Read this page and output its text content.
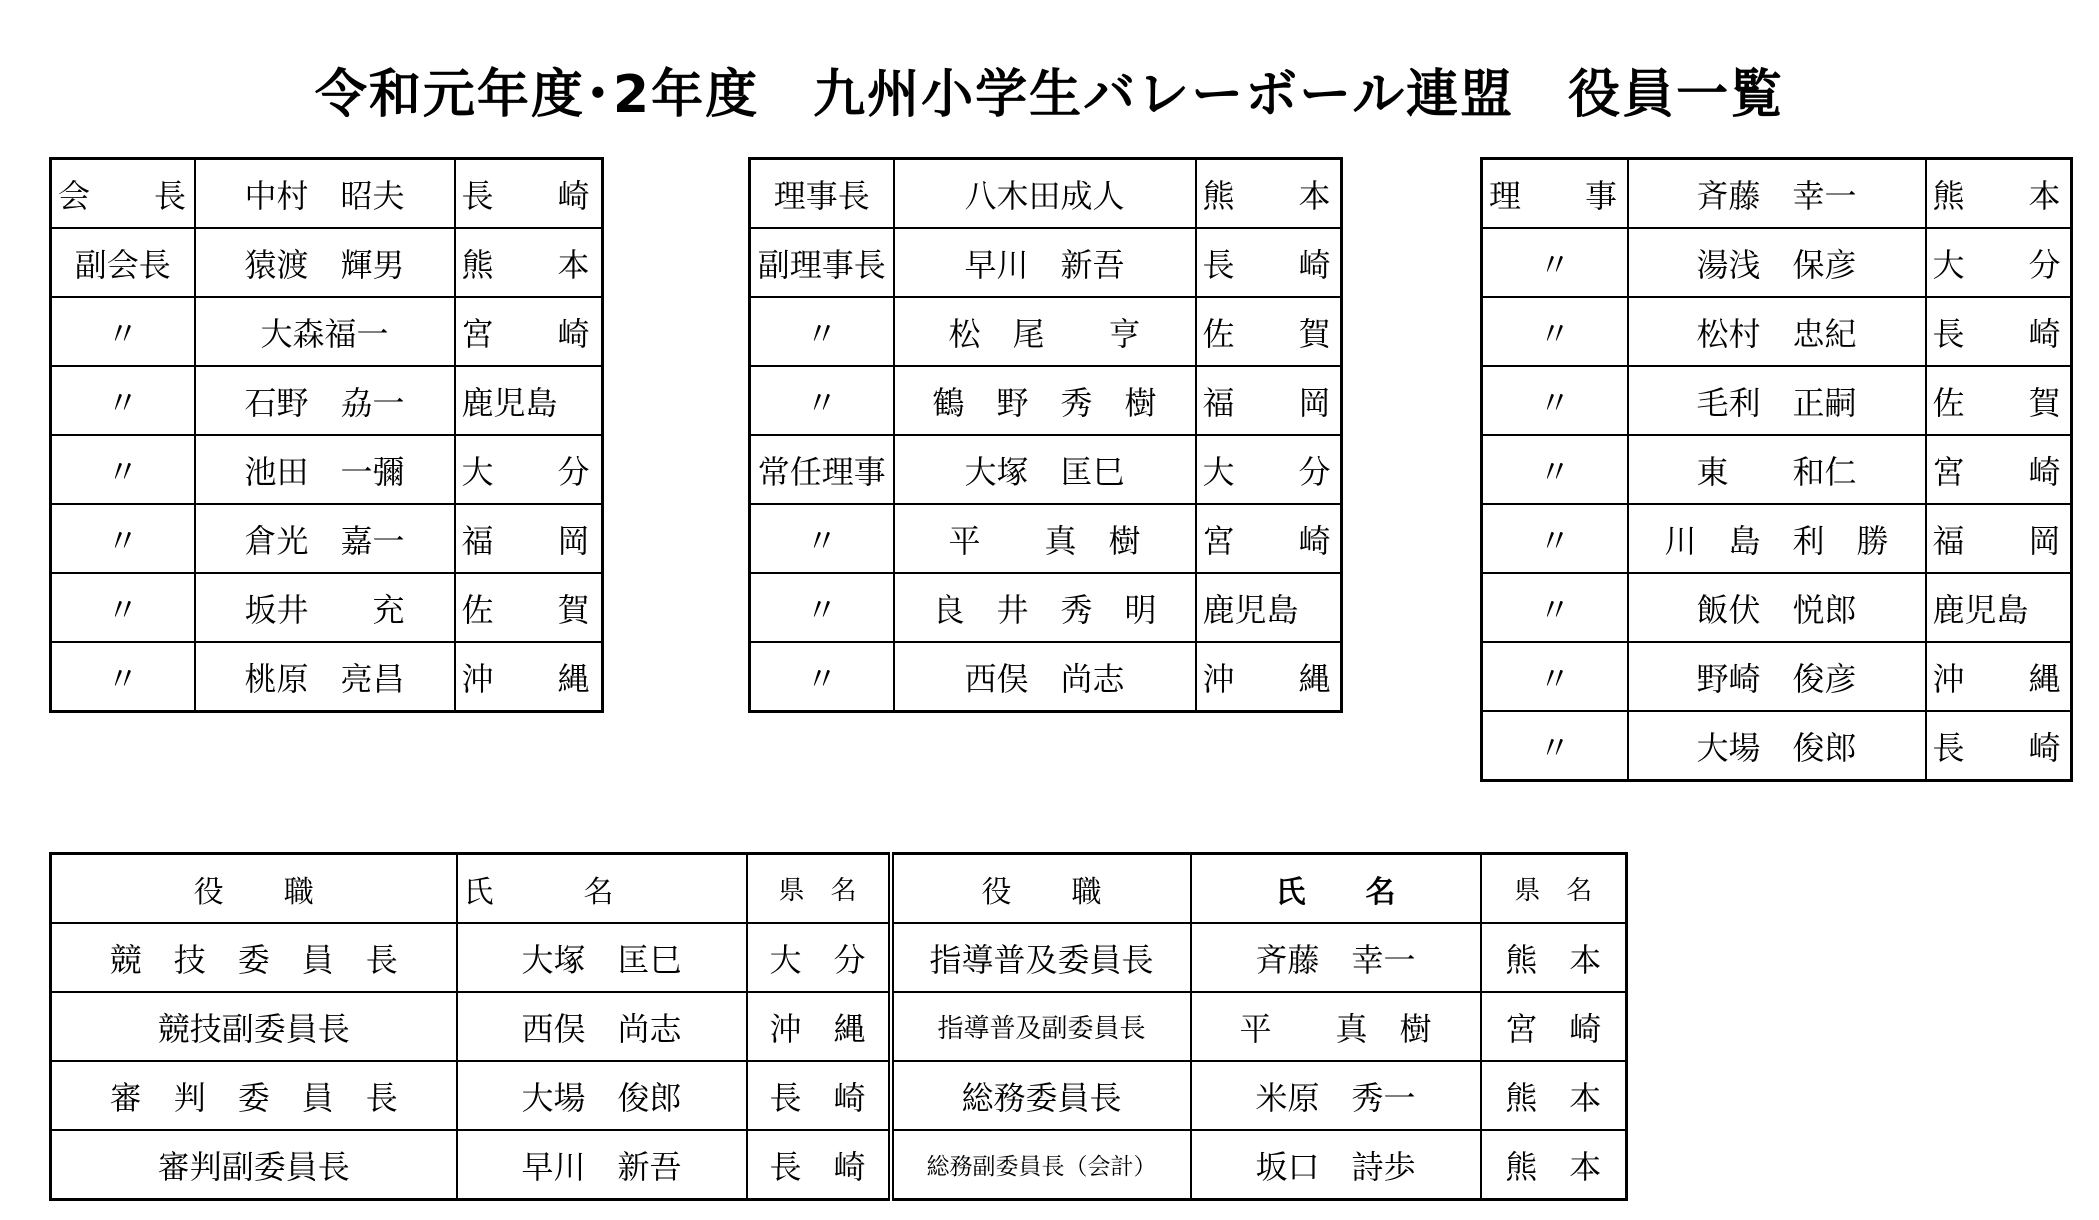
令和元年度･2年度　九州小学生バレーボール連盟　役員一覧
会　　長	中村　昭夫	長　　崎
副会長	猿渡　輝男	熊　　本
〃	大森福一	宮　　崎
〃	石野　劦一	鹿児島
〃	池田　一彌	大　　分
〃	倉光　嘉一	福　　岡
〃	坂井　　充	佐　　賀
〃	桃原　亮昌	沖　　縄
理事長	八木田成人	熊　　本
副理事長	早川　新吾	長　　崎
〃	松　尾　　亨	佐　　賀
〃	鶴　野　秀　樹	福　　岡
常任理事	大塚　匡巳	大　　分
〃	平　　真　樹	宮　　崎
〃	良　井　秀　明	鹿児島
〃	西俣　尚志	沖　　縄
理　　事	斉藤　幸一	熊　　本
〃	湯浅　保彦	大　　分
〃	松村　忠紀	長　　崎
〃	毛利　正嗣	佐　　賀
〃	東　　和仁	宮　　崎
〃	川　島　利　勝	福　　岡
〃	飯伏　悦郎	鹿児島
〃	野崎　俊彦	沖　　縄
〃	大場　俊郎	長　　崎
役　　職	氏　　　名	県　名	役　　職	氏　　名	県　名
競　技　委　員　長	大塚　匡巳	大　分	指導普及委員長	斉藤　幸一	熊　本
競技副委員長	西俣　尚志	沖　縄	指導普及副委員長	平　　真　樹	宮　崎
審　判　委　員　長	大場　俊郎	長　崎	総務委員長	米原　秀一	熊　本
審判副委員長	早川　新吾	長　崎	総務副委員長（会計）	坂口　詩歩	熊　本
